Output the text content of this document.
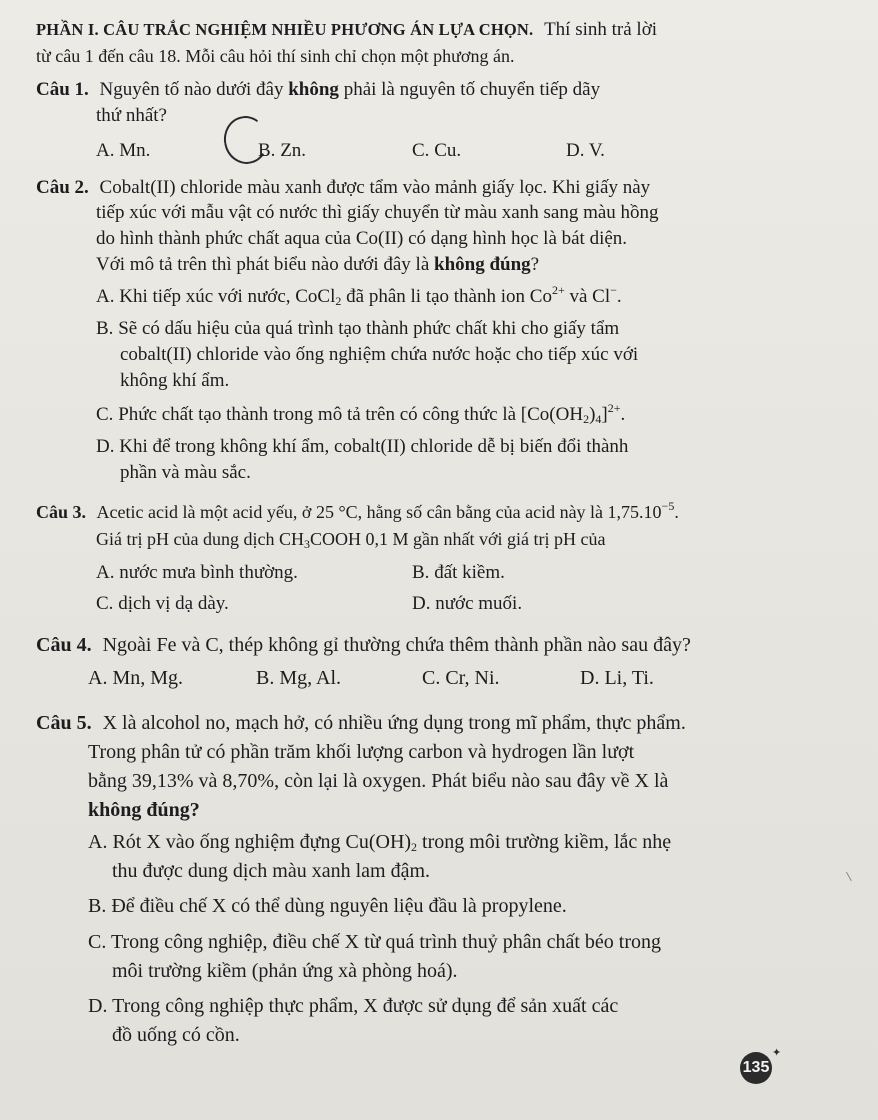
PHẦN I. CÂU TRẮC NGHIỆM NHIỀU PHƯƠNG ÁN LỰA CHỌN. Thí sinh trả lời
từ câu 1 đến câu 18. Mỗi câu hỏi thí sinh chỉ chọn một phương án.
Câu 1. Nguyên tố nào dưới đây không phải là nguyên tố chuyển tiếp dãy
thứ nhất?
A. Mn.	B. Zn.	C. Cu.	D. V.
Câu 2. Cobalt(II) chloride màu xanh được tẩm vào mảnh giấy lọc. Khi giấy này
tiếp xúc với mẫu vật có nước thì giấy chuyển từ màu xanh sang màu hồng
do hình thành phức chất aqua của Co(II) có dạng hình học là bát diện.
Với mô tả trên thì phát biểu nào dưới đây là không đúng?
A. Khi tiếp xúc với nước, CoCl$_2$ đã phân li tạo thành ion $Co^{2+}$ và Cl−.
B. Sẽ có dấu hiệu của quá trình tạo thành phức chất khi cho giấy tẩm
cobalt(II) chloride vào ống nghiệm chứa nước hoặc cho tiếp xúc với
không khí ẩm.
C. Phức chất tạo thành trong mô tả trên có công thức là $[Co(OH_2)_4]^{2+}$.
D. Khi để trong không khí ẩm, cobalt(II) chloride dễ bị biến đổi thành
phần và màu sắc.
Câu 3. Acetic acid là một acid yếu, ở 25 °C, hằng số cân bằng của acid này là $1,75.10^{-5}$.
Giá trị pH của dung dịch $CH_3COOH$ 0,1 M gần nhất với giá trị pH của
A. nước mưa bình thường.	B. đất kiềm.
C. dịch vị dạ dày.	D. nước muối.
Câu 4. Ngoài Fe và C, thép không gỉ thường chứa thêm thành phần nào sau đây?
A. Mn, Mg.	B. Mg, Al.	C. Cr, Ni.	D. Li, Ti.
Câu 5. X là alcohol no, mạch hở, có nhiều ứng dụng trong mĩ phẩm, thực phẩm.
Trong phân tử có phần trăm khối lượng carbon và hydrogen lần lượt
bằng 39,13% và 8,70%, còn lại là oxygen. Phát biểu nào sau đây về X là
không đúng?
A. Rót X vào ống nghiệm đựng $Cu(OH)_2$ trong môi trường kiềm, lắc nhẹ
thu được dung dịch màu xanh lam đậm.
B. Để điều chế X có thể dùng nguyên liệu đầu là propylene.
C. Trong công nghiệp, điều chế X từ quá trình thuỷ phân chất béo trong
môi trường kiềm (phản ứng xà phòng hoá).
D. Trong công nghiệp thực phẩm, X được sử dụng để sản xuất các
đồ uống có cồn.
135
✦
